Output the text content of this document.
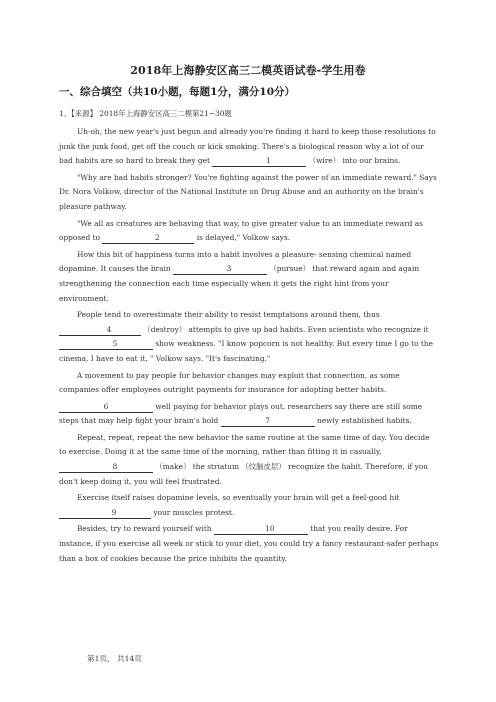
2018年上海静安区高三二模英语试卷-学生用卷
一、综合填空（共10小题，每题1分，满分10分）
1、【来源】 2018年上海静安区高三二模第21~30题

Uh-oh, the new year's just begun and already you're finding it hard to keep those resolutions to junk the junk food, get off the couch or kick smoking. There's a biological reason why a lot of our bad habits are so hard to break they get	1	（wire） into our brains.

"Why are bad habits stronger? You're fighting against the power of an immediate reward." Says Dr. Nora Volkow, director of the National Institute on Drug Abuse and an authority on the brain's pleasure pathway.

"We all as creatures are behaving that way, to give greater value to an immediate reward as opposed to	2	is delayed," Volkow says.

How this bit of happiness turns into a habit involves a pleasure- sensing chemical named dopamine. It causes the brain	3	（pursue） that reward again and again strengthening the connection each time especially when it gets the right hint from your environment.

People tend to overestimate their ability to resist temptations around them, thus 4	（destroy） attempts to give up bad habits. Even scientists who recognize it 5	show weakness. "I know popcorn is not healthy. But every time I go to the cinema, I have to eat it, " Volkow says. "It's fascinating."

A movement to pay people for behavior changes may exploit that connection, as some companies offer employees outright payments for insurance for adopting better habits.

6	well paying for behavior plays out, researchers say there are still some steps that may help fight your brain's hold	7	newly established habits.

Repeat, repeat, repeat the new behavior the same routine at the same time of day. You decide to exercise. Doing it at the same time of the morning, rather than fitting it in casually, 8	（make） the striatum （纹脑皮层） recognize the habit. Therefore, if you don't keep doing it, you will feel frustrated.

Exercise itself raises dopamine levels, so eventually your brain will get a feel-good hit 9	your muscles protest.

Besides, try to reward yourself with	10	that you really desire. For instance, if you exercise all week or stick to your diet, you could try a fancy restaurant-safer perhaps than a box of cookies because the price inhibits the quantity.

第1页， 共14页
